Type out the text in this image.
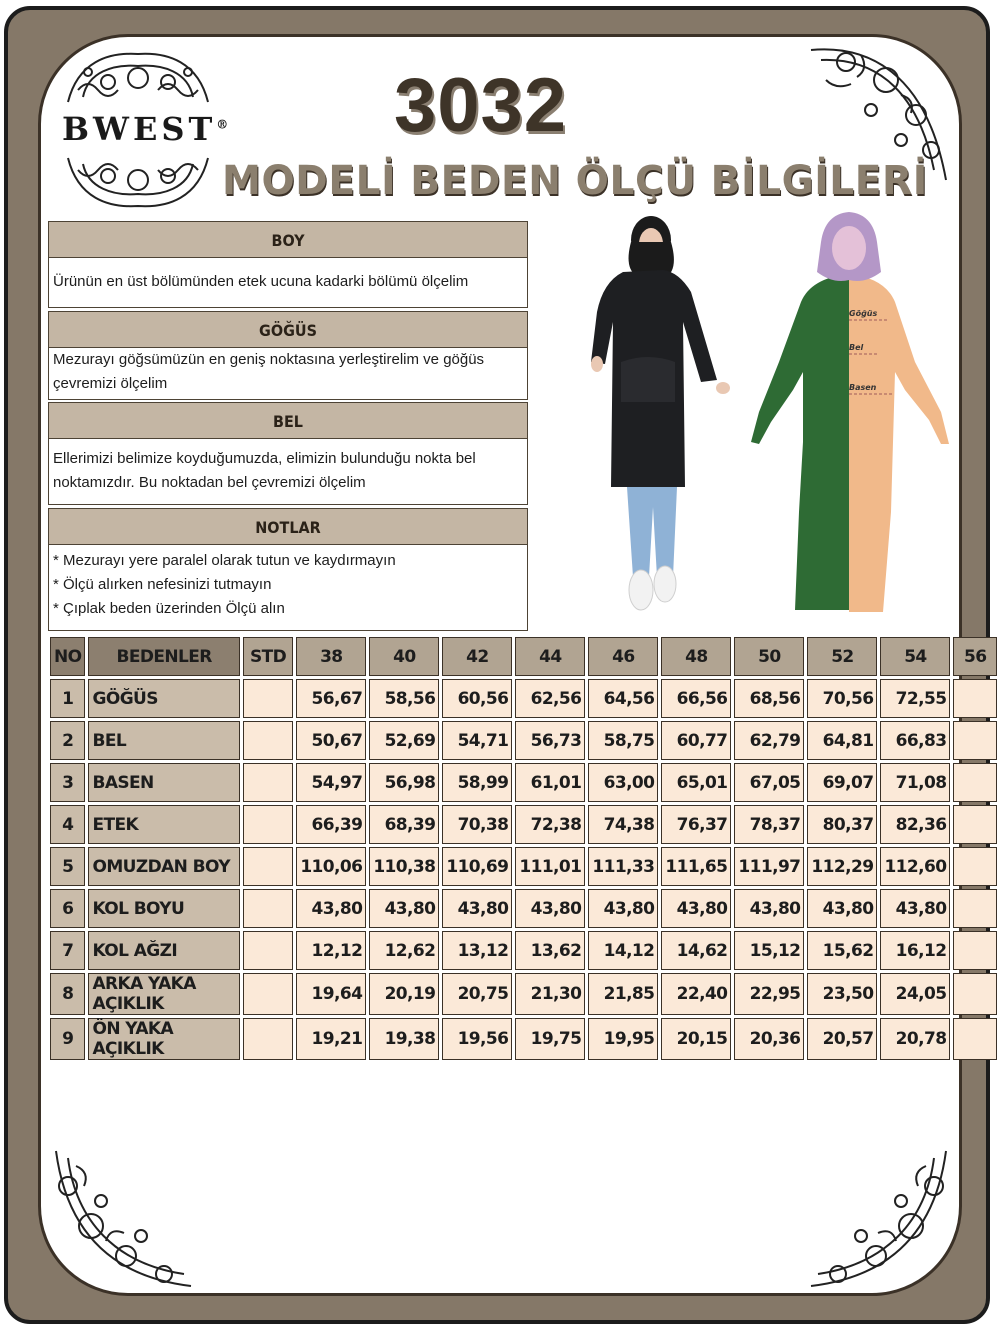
BWEST® 3032
MODELİ BEDEN ÖLÇÜ BİLGİLERİ
BOY
Ürünün en üst bölümünden etek ucuna kadarki bölümü ölçelim
GÖĞÜS
Mezurayı göğsümüzün en geniş noktasına yerleştirelim ve göğüs
çevremizi ölçelim
BEL
Ellerimizi belimize koyduğumuzda, elimizin bulunduğu nokta bel
noktamızdır. Bu noktadan bel çevremizi ölçelim
NOTLAR
* Mezurayı yere paralel olarak tutun ve kaydırmayın
* Ölçü alırken nefesinizi tutmayın
* Çıplak beden üzerinden Ölçü alın
Göğüs
Bel
Basen
NO	BEDENLER	STD	38	40	42	44	46	48	50	52	54	56
1	GÖĞÜS		56,67	58,56	60,56	62,56	64,56	66,56	68,56	70,56	72,55	
2	BEL		50,67	52,69	54,71	56,73	58,75	60,77	62,79	64,81	66,83	
3	BASEN		54,97	56,98	58,99	61,01	63,00	65,01	67,05	69,07	71,08	
4	ETEK		66,39	68,39	70,38	72,38	74,38	76,37	78,37	80,37	82,36	
5	OMUZDAN BOY		110,06	110,38	110,69	111,01	111,33	111,65	111,97	112,29	112,60	
6	KOL BOYU		43,80	43,80	43,80	43,80	43,80	43,80	43,80	43,80	43,80	
7	KOL AĞZI		12,12	12,62	13,12	13,62	14,12	14,62	15,12	15,62	16,12	
8	ARKA YAKA AÇIKLIK		19,64	20,19	20,75	21,30	21,85	22,40	22,95	23,50	24,05	
9	ÖN YAKA AÇIKLIK		19,21	19,38	19,56	19,75	19,95	20,15	20,36	20,57	20,78	
